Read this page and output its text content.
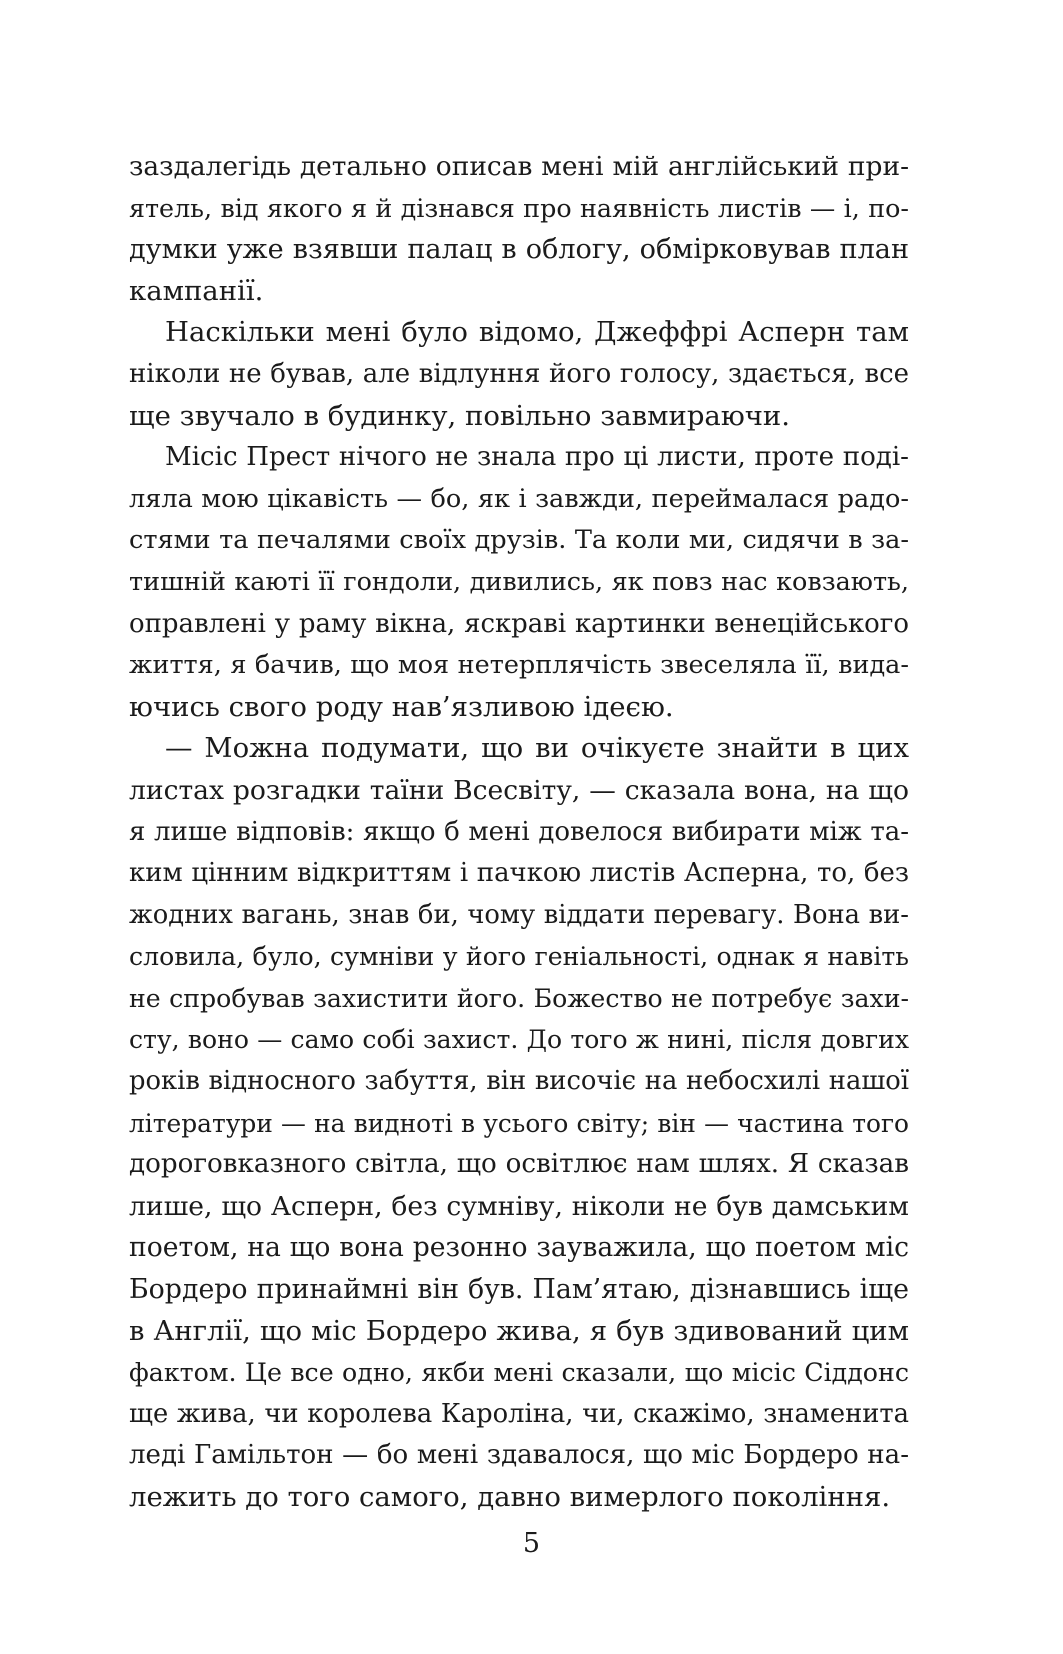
заздалегідь детально описав мені мій англійський при-
ятель, від якого я й дізнався про наявність листів — і, по-
думки уже взявши палац в облогу, обмірковував план
кампанії.
Наскільки мені було відомо, Джеффрі Асперн там
ніколи не бував, але відлуння його голосу, здається, все
ще звучало в будинку, повільно завмираючи.
Місіс Прест нічого не знала про ці листи, проте поді-
ляла мою цікавість — бо, як і завжди, переймалася радо-
стями та печалями своїх друзів. Та коли ми, сидячи в за-
тишній каюті її гондоли, дивились, як повз нас ковзають,
оправлені у раму вікна, яскраві картинки венеційського
життя, я бачив, що моя нетерплячість звеселяла її, вида-
ючись свого роду нав’язливою ідеєю.
— Можна подумати, що ви очікуєте знайти в цих
листах розгадки таїни Всесвіту, — сказала вона, на що
я лише відповів: якщо б мені довелося вибирати між та-
ким цінним відкриттям і пачкою листів Асперна, то, без
жодних вагань, знав би, чому віддати перевагу. Вона ви-
словила, було, сумніви у його геніальності, однак я навіть
не спробував захистити його. Божество не потребує захи-
сту, воно — само собі захист. До того ж нині, після довгих
років відносного забуття, він височіє на небосхилі нашої
літератури — на видноті в усього світу; він — частина того
дороговказного світла, що освітлює нам шлях. Я сказав
лише, що Асперн, без сумніву, ніколи не був дамським
поетом, на що вона резонно зауважила, що поетом міс
Бордеро принаймні він був. Пам’ятаю, дізнавшись іще
в Англії, що міс Бордеро жива, я був здивований цим
фактом. Це все одно, якби мені сказали, що місіс Сіддонс
ще жива, чи королева Кароліна, чи, скажімо, знаменита
леді Гамільтон — бо мені здавалося, що міс Бордеро на-
лежить до того самого, давно вимерлого покоління.
5
